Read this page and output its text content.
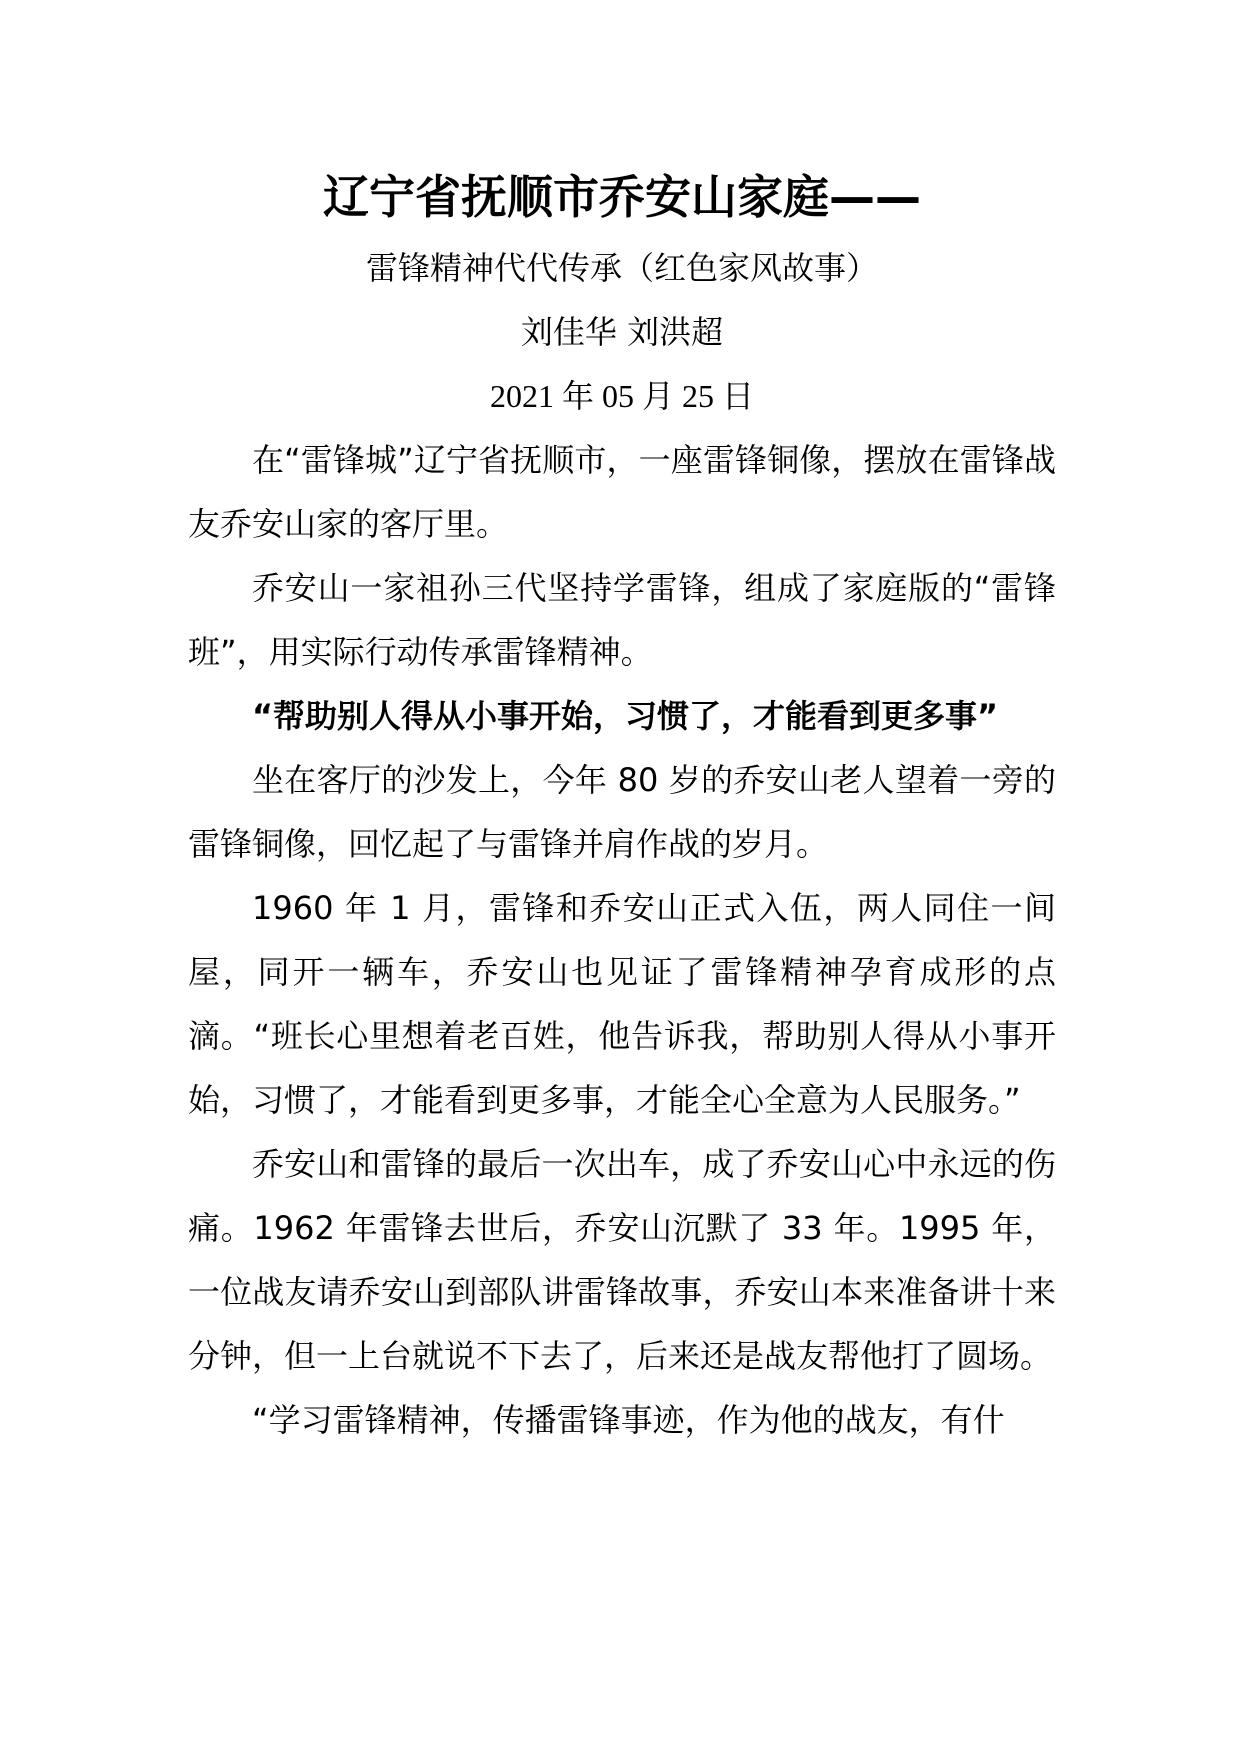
辽宁省抚顺市乔安山家庭——

雷锋精神代代传承（红色家风故事）

刘佳华 刘洪超

2021 年 05 月 25 日

在“雷锋城”辽宁省抚顺市，一座雷锋铜像，摆放在雷锋战友乔安山家的客厅里。

乔安山一家祖孙三代坚持学雷锋，组成了家庭版的“雷锋班”，用实际行动传承雷锋精神。

“帮助别人得从小事开始，习惯了，才能看到更多事”

坐在客厅的沙发上，今年 80 岁的乔安山老人望着一旁的雷锋铜像，回忆起了与雷锋并肩作战的岁月。

1960 年 1 月，雷锋和乔安山正式入伍，两人同住一间屋，同开一辆车，乔安山也见证了雷锋精神孕育成形的点滴。“班长心里想着老百姓，他告诉我，帮助别人得从小事开始，习惯了，才能看到更多事，才能全心全意为人民服务。”

乔安山和雷锋的最后一次出车，成了乔安山心中永远的伤痛。1962 年雷锋去世后，乔安山沉默了 33 年。1995 年，一位战友请乔安山到部队讲雷锋故事，乔安山本来准备讲十来分钟，但一上台就说不下去了，后来还是战友帮他打了圆场。

“学习雷锋精神，传播雷锋事迹，作为他的战友，有什
